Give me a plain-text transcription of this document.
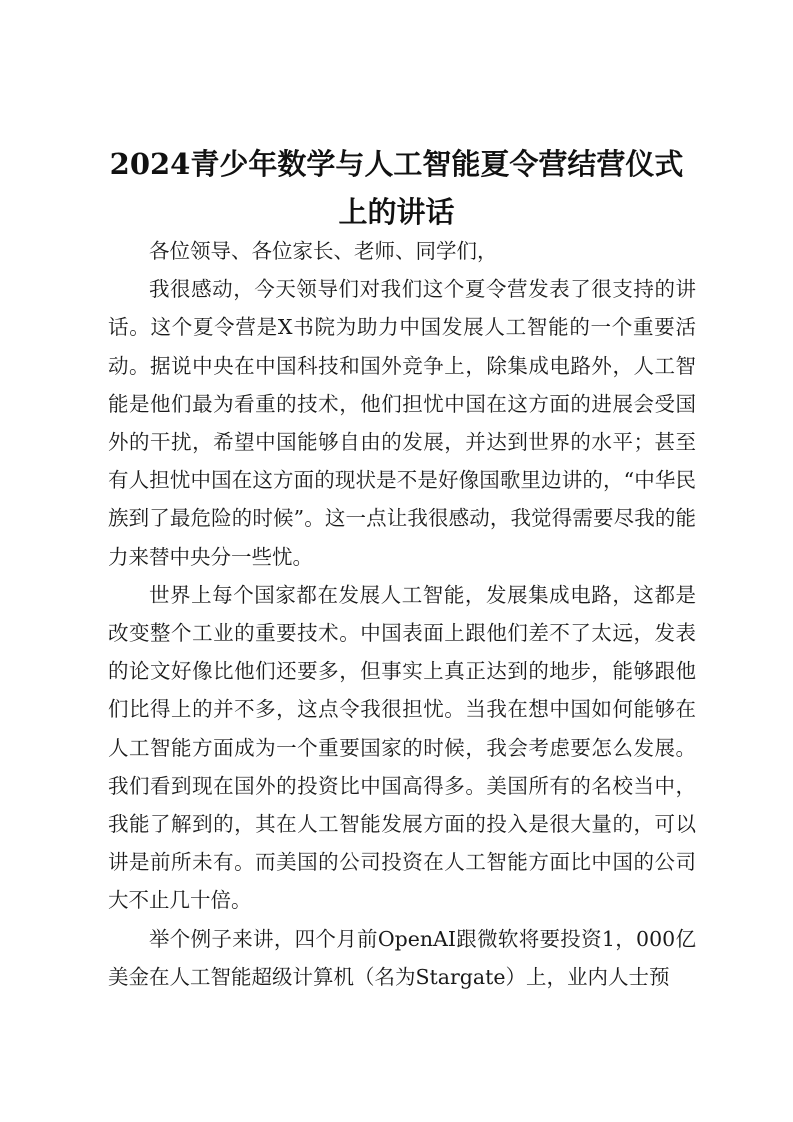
2024青少年数学与人工智能夏令营结营仪式上的讲话

各位领导、各位家长、老师、同学们，

我很感动，今天领导们对我们这个夏令营发表了很支持的讲话。这个夏令营是X书院为助力中国发展人工智能的一个重要活动。据说中央在中国科技和国外竞争上，除集成电路外，人工智能是他们最为看重的技术，他们担忧中国在这方面的进展会受国外的干扰，希望中国能够自由的发展，并达到世界的水平；甚至有人担忧中国在这方面的现状是不是好像国歌里边讲的，“中华民族到了最危险的时候”。这一点让我很感动，我觉得需要尽我的能力来替中央分一些忧。

世界上每个国家都在发展人工智能，发展集成电路，这都是改变整个工业的重要技术。中国表面上跟他们差不了太远，发表的论文好像比他们还要多，但事实上真正达到的地步，能够跟他们比得上的并不多，这点令我很担忧。当我在想中国如何能够在人工智能方面成为一个重要国家的时候，我会考虑要怎么发展。我们看到现在国外的投资比中国高得多。美国所有的名校当中，我能了解到的，其在人工智能发展方面的投入是很大量的，可以讲是前所未有。而美国的公司投资在人工智能方面比中国的公司大不止几十倍。

举个例子来讲，四个月前OpenAI跟微软将要投资1，000亿美金在人工智能超级计算机（名为Stargate）上，业内人士预
